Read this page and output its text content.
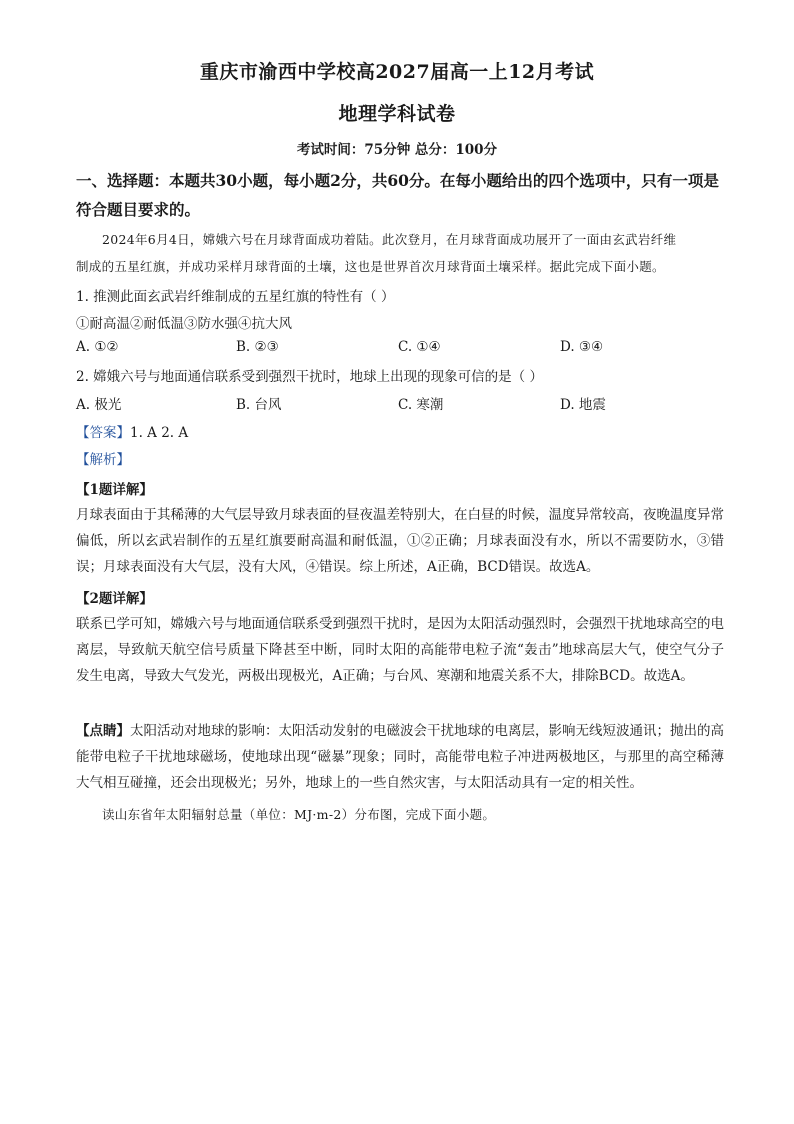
重庆市渝西中学校高2027届高一上12月考试
地理学科试卷
考试时间：75分钟 总分：100分
一、选择题：本题共30小题，每小题2分，共60分。在每小题给出的四个选项中，只有一项是符合题目要求的。
2024年6月4日，嫦娥六号在月球背面成功着陆。此次登月，在月球背面成功展开了一面由玄武岩纤维
制成的五星红旗，并成功采样月球背面的土壤，这也是世界首次月球背面土壤采样。据此完成下面小题。
1. 推测此面玄武岩纤维制成的五星红旗的特性有（ ）
①耐高温②耐低温③防水强④抗大风
A. ①②	B. ②③	C. ①④	D. ③④
2. 嫦娥六号与地面通信联系受到强烈干扰时，地球上出现的现象可信的是（ ）
A. 极光	B. 台风	C. 寒潮	D. 地震
【答案】1. A 2. A
【解析】
【1题详解】
月球表面由于其稀薄的大气层导致月球表面的昼夜温差特别大，在白昼的时候，温度异常较高，夜晚温度异常偏低，所以玄武岩制作的五星红旗要耐高温和耐低温，①②正确；月球表面没有水，所以不需要防水，③错误；月球表面没有大气层，没有大风，④错误。综上所述，A正确，BCD错误。故选A。
【2题详解】
联系已学可知，嫦娥六号与地面通信联系受到强烈干扰时，是因为太阳活动强烈时，会强烈干扰地球高空的电离层，导致航天航空信号质量下降甚至中断，同时太阳的高能带电粒子流“轰击”地球高层大气，使空气分子发生电离，导致大气发光，两极出现极光，A正确；与台风、寒潮和地震关系不大，排除BCD。故选A。
【点睛】太阳活动对地球的影响：太阳活动发射的电磁波会干扰地球的电离层，影响无线短波通讯；抛出的高能带电粒子干扰地球磁场，使地球出现“磁暴”现象；同时，高能带电粒子冲进两极地区，与那里的高空稀薄大气相互碰撞，还会出现极光；另外，地球上的一些自然灾害，与太阳活动具有一定的相关性。
读山东省年太阳辐射总量（单位：MJ·m-2）分布图，完成下面小题。
